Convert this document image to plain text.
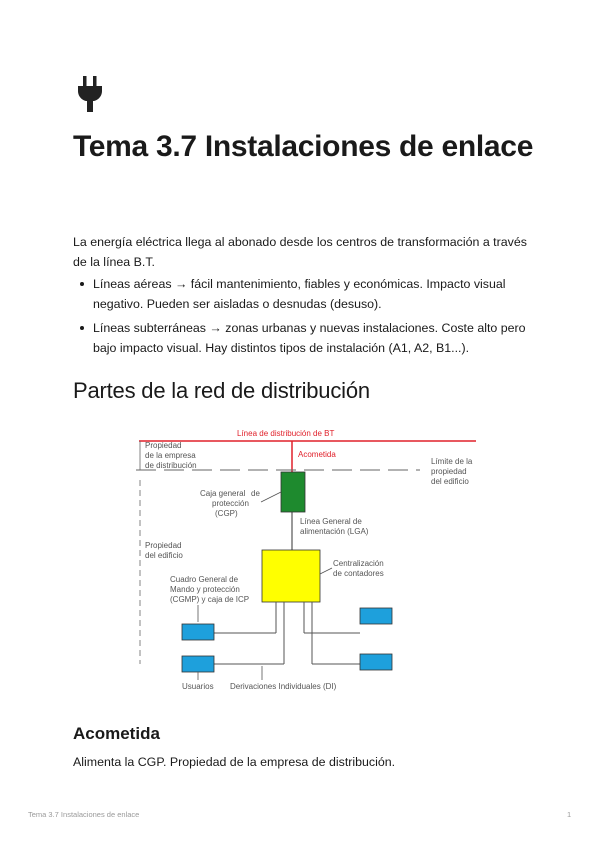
Tema 3.7 Instalaciones de enlace

La energía eléctrica llega al abonado desde los centros de transformación a través de la línea B.T.

Líneas aéreas → fácil mantenimiento, fiables y económicas. Impacto visual negativo. Pueden ser aisladas o desnudas (desuso).
Líneas subterráneas → zonas urbanas y nuevas instalaciones. Coste alto pero bajo impacto visual. Hay distintos tipos de instalación (A1, A2, B1...).
Partes de la red de distribución
Línea de distribución de BT
Acometida
Propiedad
de la empresa
de distribución	Límite de la
propiedad
del edificio
Caja general de
protección
(CGP)
Línea General de
alimentación (LGA)
Propiedad
del edificio
Centralización
de contadores
Cuadro General de
Mando y protección
(CGMP) y caja de ICP
Usuarios Derivaciones Individuales (DI)
Acometida

Alimenta la CGP. Propiedad de la empresa de distribución.

Tema 3.7 Instalaciones de enlace	1
